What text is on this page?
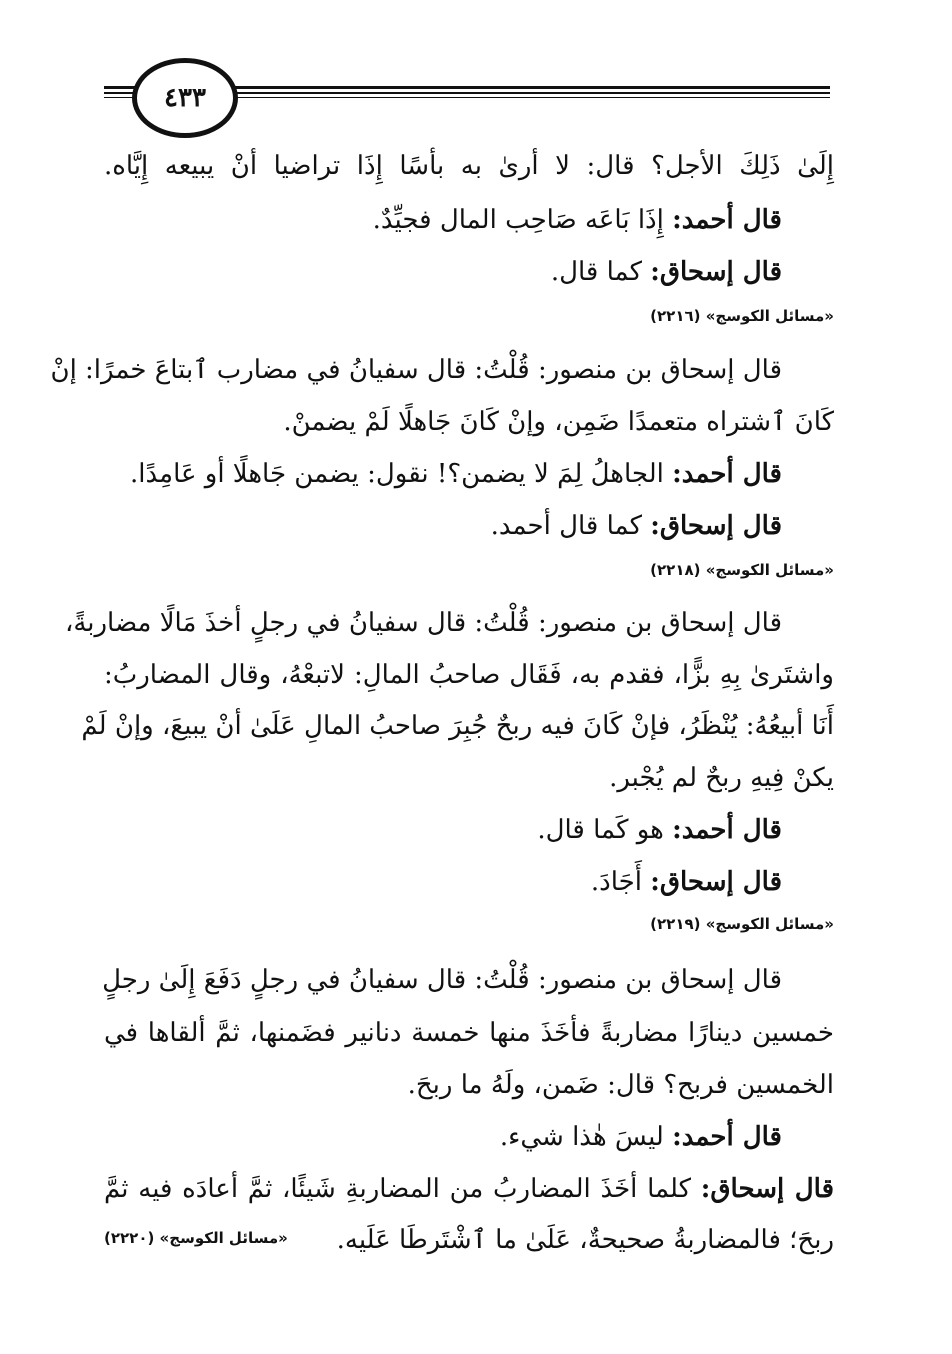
٤٣٣
إِلَىٰ ذَلِكَ الأجل؟ قال: لا أرىٰ به بأسًا إِذَا تراضيا أنْ يبيعه إِيَّاه.
قال أحمد: إِذَا بَاعَه صَاحِب المال فجيِّدٌ.
قال إسحاق: كما قال.
«مسائل الكوسج» (٢٢١٦)
قال إسحاق بن منصور: قُلْتُ: قال سفيانُ في مضارب ٱبتاعَ خمرًا: إنْ
كَانَ ٱشتراه متعمدًا ضَمِن، وإنْ كَانَ جَاهلًا لَمْ يضمنْ.
قال أحمد: الجاهلُ لِمَ لا يضمن؟! نقول: يضمن جَاهلًا أو عَامِدًا.
قال إسحاق: كما قال أحمد.
«مسائل الكوسج» (٢٢١٨)
قال إسحاق بن منصور: قُلْتُ: قال سفيانُ في رجلٍ أخذَ مَالًا مضاربةً،
واشتَرىٰ بِهِ بزًّا، فقدم به، فَقَال صاحبُ المالِ: لاتبعْهُ، وقال المضاربُ:
أَنَا أبيعُهُ: يُنْظَرُ، فإنْ كَانَ فيه ربحٌ جُبِرَ صاحبُ المالِ عَلَىٰ أنْ يبيعَ، وإنْ لَمْ
يكنْ فِيهِ ربحٌ لم يُجْبر.
قال أحمد: هو كَما قال.
قال إسحاق: أَجَادَ.
«مسائل الكوسج» (٢٢١٩)
قال إسحاق بن منصور: قُلْتُ: قال سفيانُ في رجلٍ دَفَعَ إِلَىٰ رجلٍ
خمسين دينارًا مضاربةً فأخَذَ منها خمسة دنانير فضَمنها، ثمَّ ألقاها في
الخمسين فربح؟ قال: ضَمن، ولَهُ ما ربحَ.
قال أحمد: ليسَ هٰذا شيء.
قال إسحاق: كلما أخَذَ المضاربُ من المضاربةِ شَيئًا، ثمَّ أعادَه فيه ثمَّ
ربحَ؛ فالمضاربةُ صحيحةٌ، عَلَىٰ ما ٱشْتَرطَا عَلَيه.
«مسائل الكوسج» (٢٢٢٠)
